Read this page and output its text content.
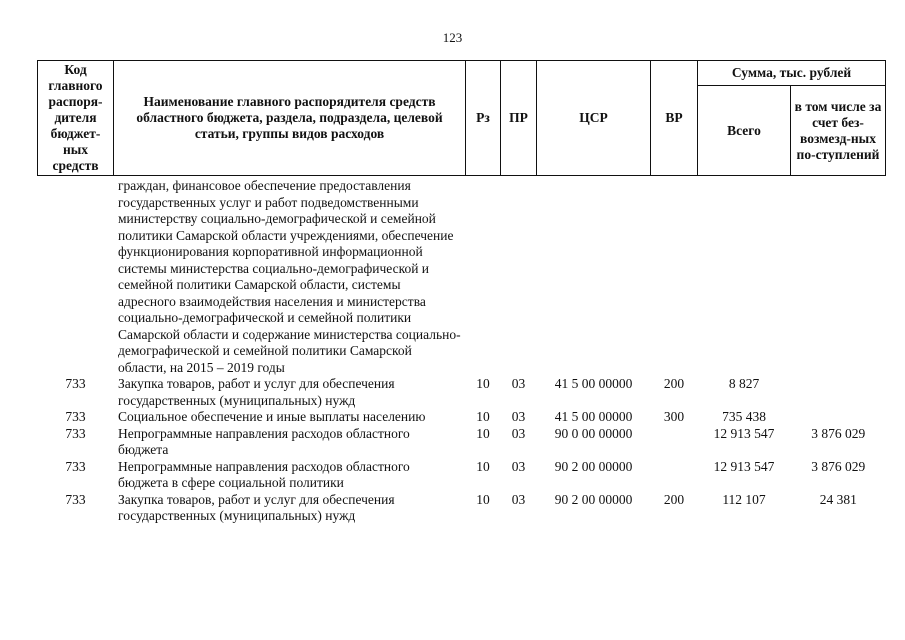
123
Код главного распоря-дителя бюджет-ных средств	Наименование главного распорядителя средств областного бюджета, раздела, подраздела, целевой статьи, группы видов расходов	Рз	ПР	ЦСР	ВР	Сумма, тыс. рублей	
						Всего	в том числе за счет без-возмезд-ных по-ступлений
	граждан, финансовое обеспечение предоставления государственных услуг и работ подведомственными министерству социально-демографической и семейной политики Самарской области учреждениями, обеспечение функционирования корпоративной информационной системы министерства социально-демографической и семейной политики Самарской области, системы адресного взаимодействия населения и министерства социально-демографической и семейной политики Самарской области и содержание министерства социально-демографической и семейной политики Самарской области, на 2015 – 2019 годы						
733	Закупка товаров, работ и услуг для обеспечения государственных (муниципальных) нужд	10	03	41 5 00 00000	200	8 827	
733	Социальное обеспечение и иные выплаты населению	10	03	41 5 00 00000	300	735 438	
733	Непрограммные направления расходов областного бюджета	10	03	90 0 00 00000		12 913 547	3 876 029
733	Непрограммные направления расходов областного бюджета в сфере социальной политики	10	03	90 2 00 00000		12 913 547	3 876 029
733	Закупка товаров, работ и услуг для обеспечения государственных (муниципальных) нужд	10	03	90 2 00 00000	200	112 107	24 381
